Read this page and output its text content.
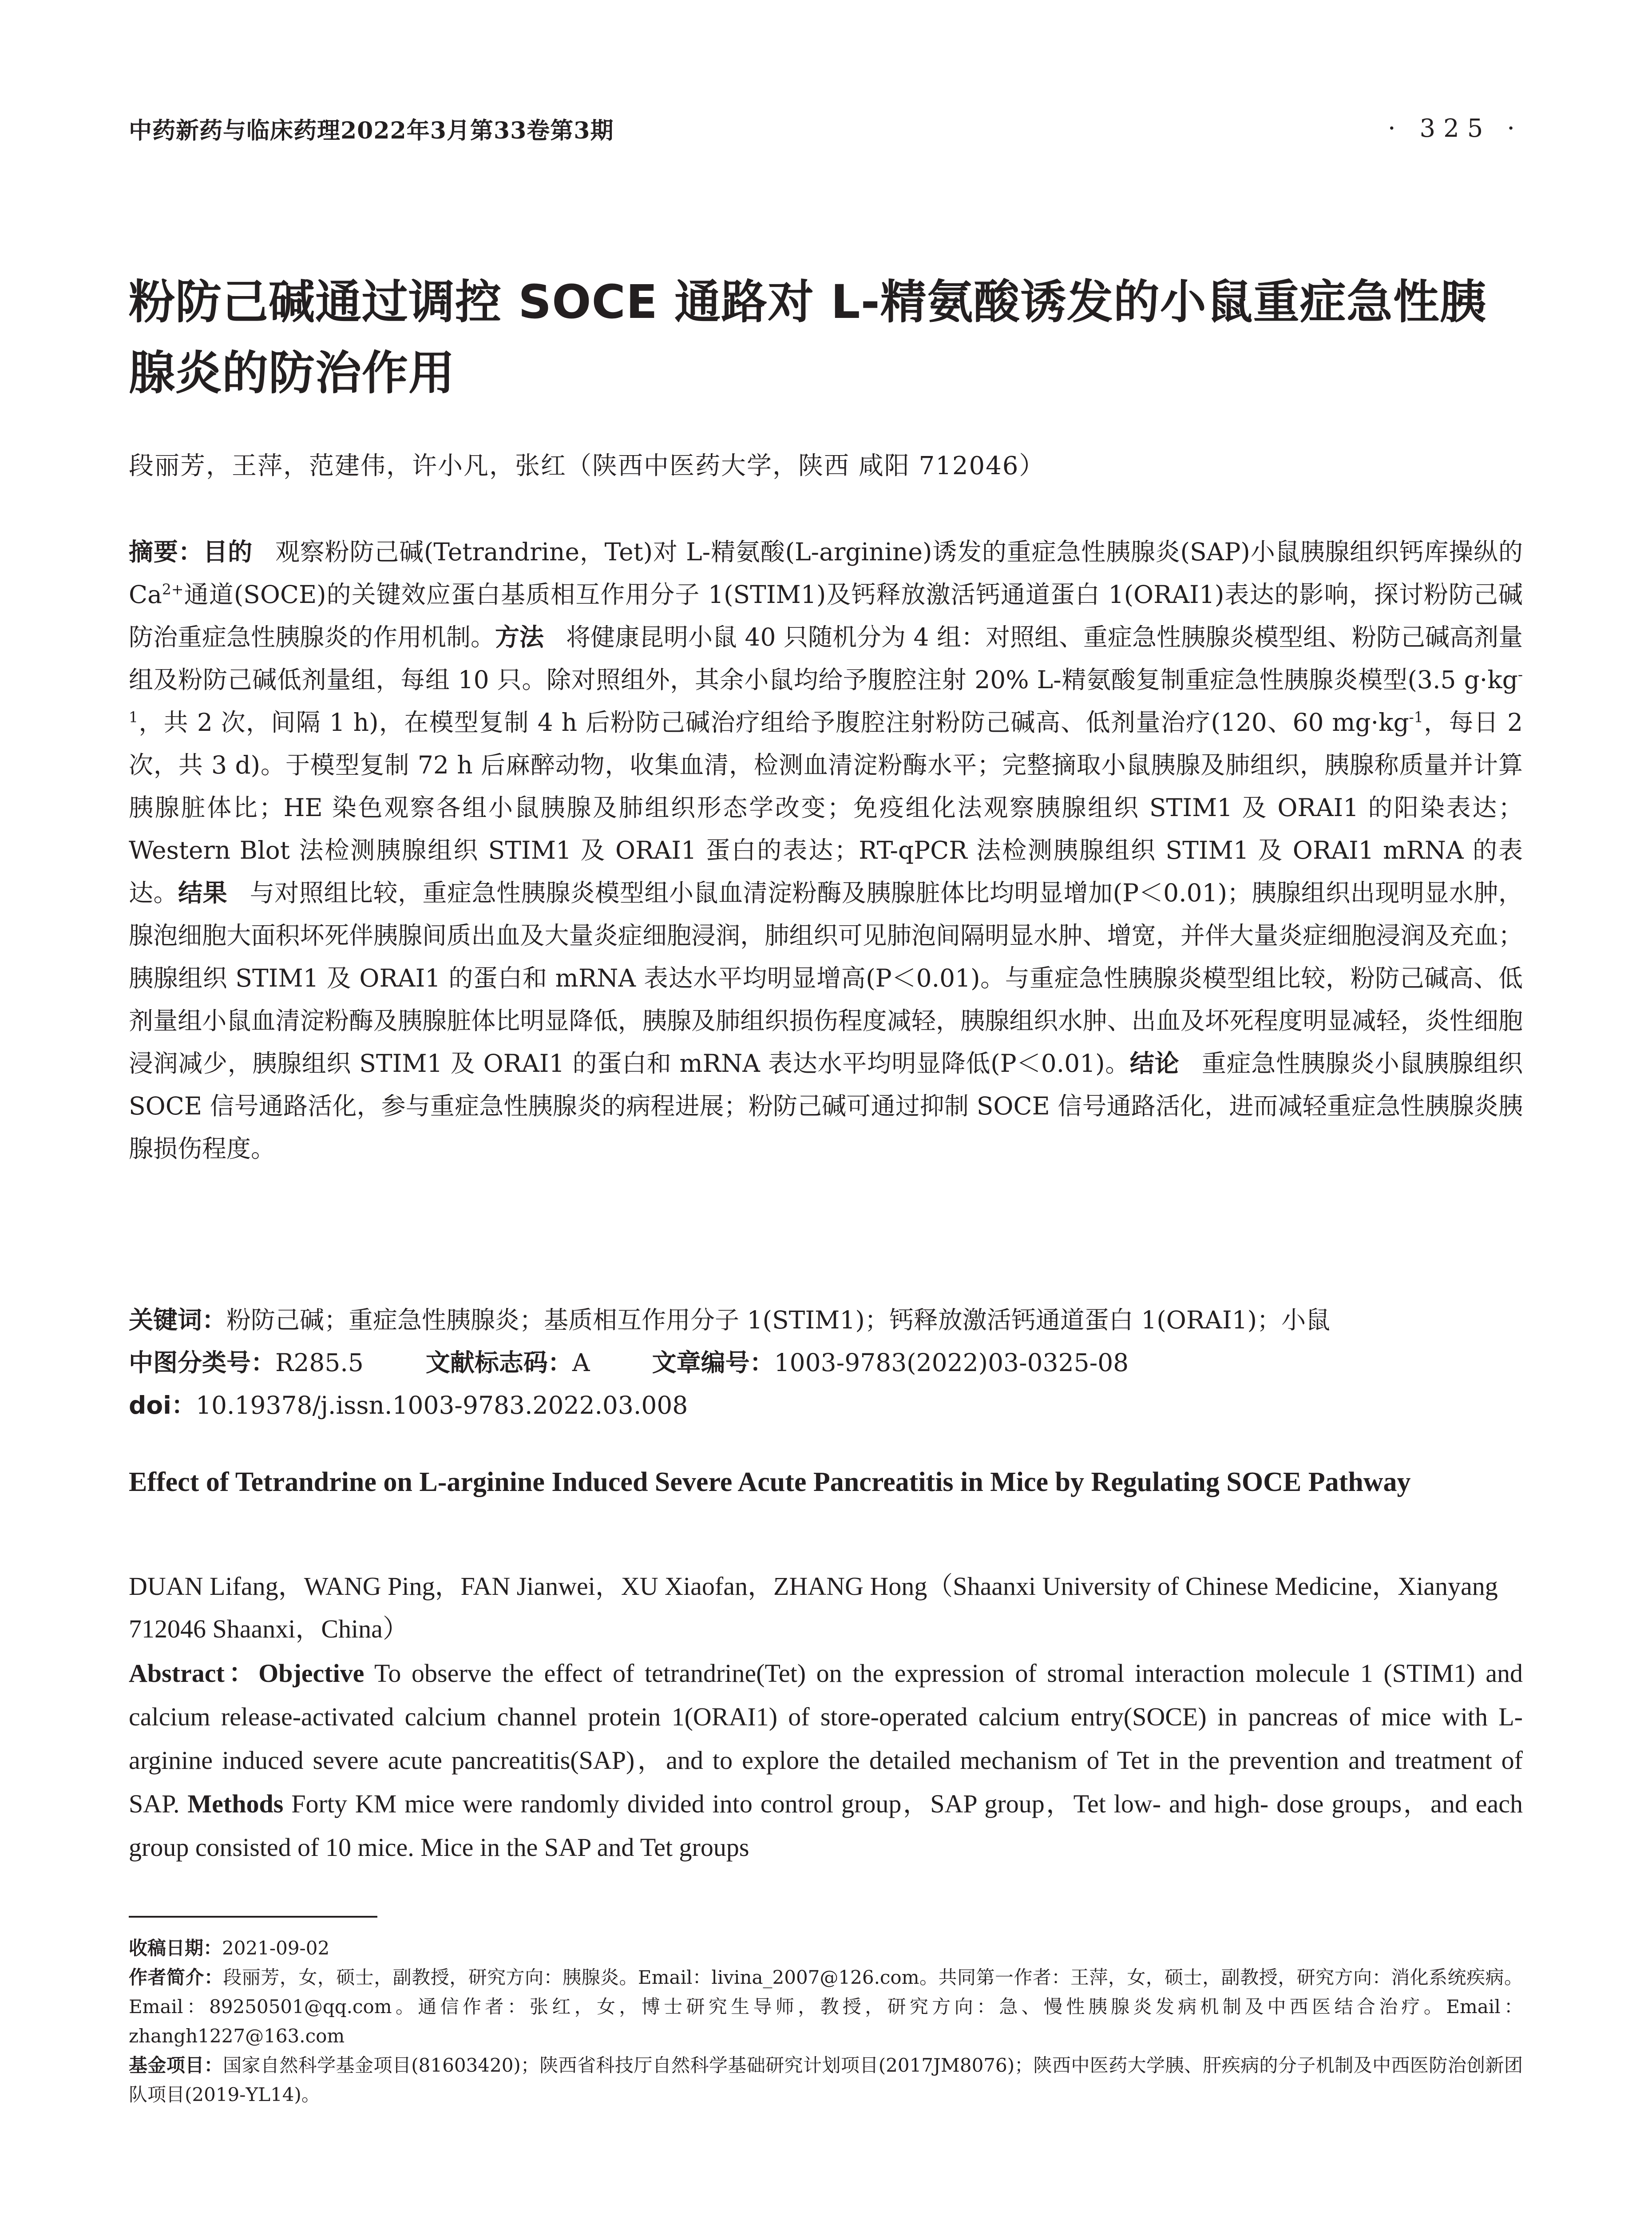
中药新药与临床药理2022年3月第33卷第3期	· 325 ·
粉防己碱通过调控 SOCE 通路对 L-精氨酸诱发的小鼠重症急性胰腺炎的防治作用
段丽芳，王萍，范建伟，许小凡，张红（陕西中医药大学，陕西 咸阳 712046）

摘要：目的 观察粉防己碱(Tetrandrine，Tet)对 L-精氨酸(L-arginine)诱发的重症急性胰腺炎(SAP)小鼠胰腺组织钙库操纵的 $Ca^{2+}$通道(SOCE)的关键效应蛋白基质相互作用分子 1(STIM1)及钙释放激活钙通道蛋白 1(ORAI1)表达的影响，探讨粉防己碱防治重症急性胰腺炎的作用机制。方法 将健康昆明小鼠 40 只随机分为 4 组：对照组、重症急性胰腺炎模型组、粉防己碱高剂量组及粉防己碱低剂量组，每组 10 只。除对照组外，其余小鼠均给予腹腔注射 20% L-精氨酸复制重症急性胰腺炎模型(3.5 $g\cdot kg^{-1}$，共 2 次，间隔 1 h)，在模型复制 4 h 后粉防己碱治疗组给予腹腔注射粉防己碱高、低剂量治疗(120、60 $mg\cdot kg^{-1}$，每日 2 次，共 3 d)。于模型复制 72 h 后麻醉动物，收集血清，检测血清淀粉酶水平；完整摘取小鼠胰腺及肺组织，胰腺称质量并计算胰腺脏体比；HE 染色观察各组小鼠胰腺及肺组织形态学改变；免疫组化法观察胰腺组织 STIM1 及 ORAI1 的阳染表达；Western Blot 法检测胰腺组织 STIM1 及 ORAI1 蛋白的表达；RT-qPCR 法检测胰腺组织 STIM1 及 ORAI1 mRNA 的表达。结果 与对照组比较，重症急性胰腺炎模型组小鼠血清淀粉酶及胰腺脏体比均明显增加(P＜0.01)；胰腺组织出现明显水肿，腺泡细胞大面积坏死伴胰腺间质出血及大量炎症细胞浸润，肺组织可见肺泡间隔明显水肿、增宽，并伴大量炎症细胞浸润及充血；胰腺组织 STIM1 及 ORAI1 的蛋白和 mRNA 表达水平均明显增高(P＜0.01)。与重症急性胰腺炎模型组比较，粉防己碱高、低剂量组小鼠血清淀粉酶及胰腺脏体比明显降低，胰腺及肺组织损伤程度减轻，胰腺组织水肿、出血及坏死程度明显减轻，炎性细胞浸润减少，胰腺组织 STIM1 及 ORAI1 的蛋白和 mRNA 表达水平均明显降低(P＜0.01)。结论 重症急性胰腺炎小鼠胰腺组织 SOCE 信号通路活化，参与重症急性胰腺炎的病程进展；粉防己碱可通过抑制 SOCE 信号通路活化，进而减轻重症急性胰腺炎胰腺损伤程度。

关键词：粉防己碱；重症急性胰腺炎；基质相互作用分子 1(STIM1)；钙释放激活钙通道蛋白 1(ORAI1)；小鼠

中图分类号：R285.5	文献标志码：A	文章编号：1003-9783(2022)03-0325-08

doi：10.19378/j.issn.1003-9783.2022.03.008

Effect of Tetrandrine on L-arginine Induced Severe Acute Pancreatitis in Mice by Regulating SOCE Pathway

DUAN Lifang，WANG Ping，FAN Jianwei，XU Xiaofan，ZHANG Hong（Shaanxi University of Chinese Medicine，Xianyang 712046 Shaanxi，China）

Abstract：Objective To observe the effect of tetrandrine(Tet) on the expression of stromal interaction molecule 1 (STIM1) and calcium release-activated calcium channel protein 1(ORAI1) of store-operated calcium entry(SOCE) in pancreas of mice with L-arginine induced severe acute pancreatitis(SAP)，and to explore the detailed mechanism of Tet in the prevention and treatment of SAP. Methods Forty KM mice were randomly divided into control group，SAP group，Tet low- and high- dose groups，and each group consisted of 10 mice. Mice in the SAP and Tet groups

收稿日期：2021-09-02

作者简介：段丽芳，女，硕士，副教授，研究方向：胰腺炎。Email：livina_2007@126.com。共同第一作者：王萍，女，硕士，副教授，研究方向：消化系统疾病。Email：89250501@qq.com。通信作者：张红，女，博士研究生导师，教授，研究方向：急、慢性胰腺炎发病机制及中西医结合治疗。Email：zhangh1227@163.com

基金项目：国家自然科学基金项目(81603420)；陕西省科技厅自然科学基础研究计划项目(2017JM8076)；陕西中医药大学胰、肝疾病的分子机制及中西医防治创新团队项目(2019-YL14)。
